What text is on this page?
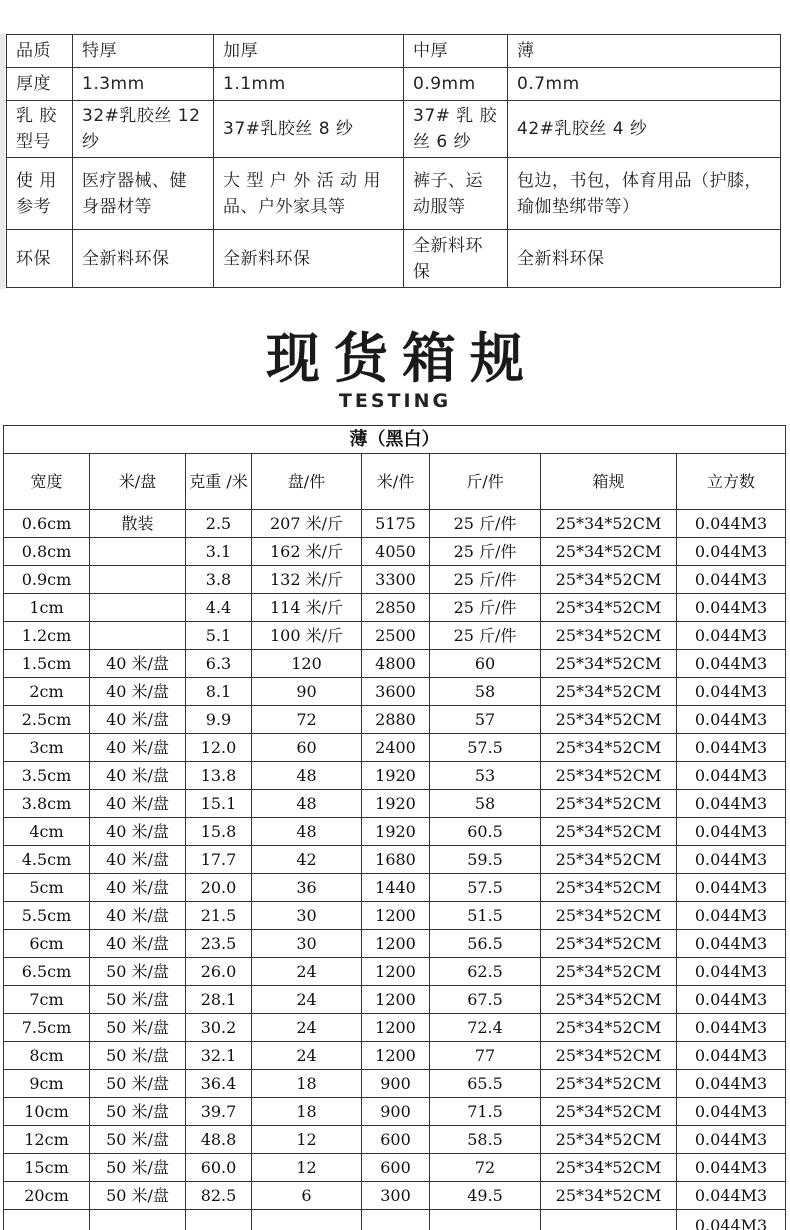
品质	特厚	加厚	中厚	薄
厚度	1.3mm	1.1mm	0.9mm	0.7mm
乳 胶 型号	32#乳胶丝 12 纱	37#乳胶丝 8 纱	37# 乳 胶 丝 6 纱	42#乳胶丝 4 纱
使 用 参考	医疗器械、健 身器材等	大 型 户 外 活 动 用 品、户外家具等	裤子、运 动服等	包边，书包，体育用品（护膝，瑜伽垫绑带等）
环保	全新料环保	全新料环保	全新料环 保	全新料环保
现货箱规
TESTING
薄（黑白）							
宽度	米/盘	克重 /米	盘/件	米/件	斤/件	箱规	立方数
0.6cm	散装	2.5	207 米/斤	5175	25 斤/件	25*34*52CM	0.044M3
0.8cm		3.1	162 米/斤	4050	25 斤/件	25*34*52CM	0.044M3
0.9cm		3.8	132 米/斤	3300	25 斤/件	25*34*52CM	0.044M3
1cm		4.4	114 米/斤	2850	25 斤/件	25*34*52CM	0.044M3
1.2cm		5.1	100 米/斤	2500	25 斤/件	25*34*52CM	0.044M3
1.5cm	40 米/盘	6.3	120	4800	60	25*34*52CM	0.044M3
2cm	40 米/盘	8.1	90	3600	58	25*34*52CM	0.044M3
2.5cm	40 米/盘	9.9	72	2880	57	25*34*52CM	0.044M3
3cm	40 米/盘	12.0	60	2400	57.5	25*34*52CM	0.044M3
3.5cm	40 米/盘	13.8	48	1920	53	25*34*52CM	0.044M3
3.8cm	40 米/盘	15.1	48	1920	58	25*34*52CM	0.044M3
4cm	40 米/盘	15.8	48	1920	60.5	25*34*52CM	0.044M3
4.5cm	40 米/盘	17.7	42	1680	59.5	25*34*52CM	0.044M3
5cm	40 米/盘	20.0	36	1440	57.5	25*34*52CM	0.044M3
5.5cm	40 米/盘	21.5	30	1200	51.5	25*34*52CM	0.044M3
6cm	40 米/盘	23.5	30	1200	56.5	25*34*52CM	0.044M3
6.5cm	50 米/盘	26.0	24	1200	62.5	25*34*52CM	0.044M3
7cm	50 米/盘	28.1	24	1200	67.5	25*34*52CM	0.044M3
7.5cm	50 米/盘	30.2	24	1200	72.4	25*34*52CM	0.044M3
8cm	50 米/盘	32.1	24	1200	77	25*34*52CM	0.044M3
9cm	50 米/盘	36.4	18	900	65.5	25*34*52CM	0.044M3
10cm	50 米/盘	39.7	18	900	71.5	25*34*52CM	0.044M3
12cm	50 米/盘	48.8	12	600	58.5	25*34*52CM	0.044M3
15cm	50 米/盘	60.0	12	600	72	25*34*52CM	0.044M3
20cm	50 米/盘	82.5	6	300	49.5	25*34*52CM	0.044M3
							0.044M3
